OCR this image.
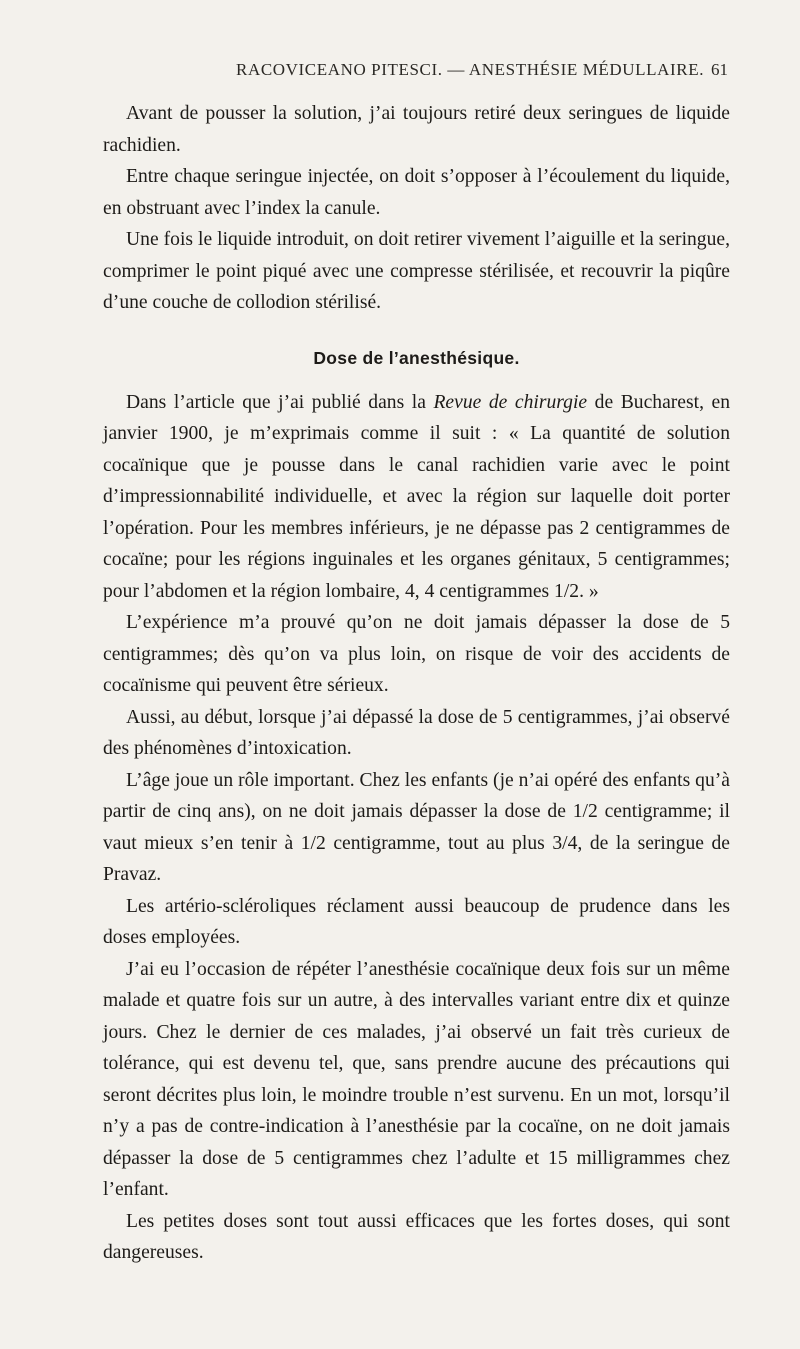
RACOVICEANO PITESCI. — ANESTHÉSIE MÉDULLAIRE. 61

Avant de pousser la solution, j’ai toujours retiré deux seringues de liquide rachidien.

Entre chaque seringue injectée, on doit s’opposer à l’écoulement du liquide, en obstruant avec l’index la canule.

Une fois le liquide introduit, on doit retirer vivement l’aiguille et la seringue, comprimer le point piqué avec une compresse stérilisée, et recouvrir la piqûre d’une couche de collodion stérilisé.

Dose de l’anesthésique.

Dans l’article que j’ai publié dans la Revue de chirurgie de Bucharest, en janvier 1900, je m’exprimais comme il suit : « La quantité de solution cocaïnique que je pousse dans le canal rachidien varie avec le point d’impressionnabilité individuelle, et avec la région sur laquelle doit porter l’opération. Pour les membres inférieurs, je ne dépasse pas 2 centigrammes de cocaïne; pour les régions inguinales et les organes génitaux, 5 centigrammes; pour l’abdomen et la région lombaire, 4, 4 centigrammes 1/2. »

L’expérience m’a prouvé qu’on ne doit jamais dépasser la dose de 5 centigrammes; dès qu’on va plus loin, on risque de voir des accidents de cocaïnisme qui peuvent être sérieux.

Aussi, au début, lorsque j’ai dépassé la dose de 5 centigrammes, j’ai observé des phénomènes d’intoxication.

L’âge joue un rôle important. Chez les enfants (je n’ai opéré des enfants qu’à partir de cinq ans), on ne doit jamais dépasser la dose de 1/2 centigramme; il vaut mieux s’en tenir à 1/2 centigramme, tout au plus 3/4, de la seringue de Pravaz.

Les artério-scléroliques réclament aussi beaucoup de prudence dans les doses employées.

J’ai eu l’occasion de répéter l’anesthésie cocaïnique deux fois sur un même malade et quatre fois sur un autre, à des intervalles variant entre dix et quinze jours. Chez le dernier de ces malades, j’ai observé un fait très curieux de tolérance, qui est devenu tel, que, sans prendre aucune des précautions qui seront décrites plus loin, le moindre trouble n’est survenu. En un mot, lorsqu’il n’y a pas de contre-indication à l’anesthésie par la cocaïne, on ne doit jamais dépasser la dose de 5 centigrammes chez l’adulte et 15 milligrammes chez l’enfant.

Les petites doses sont tout aussi efficaces que les fortes doses, qui sont dangereuses.
